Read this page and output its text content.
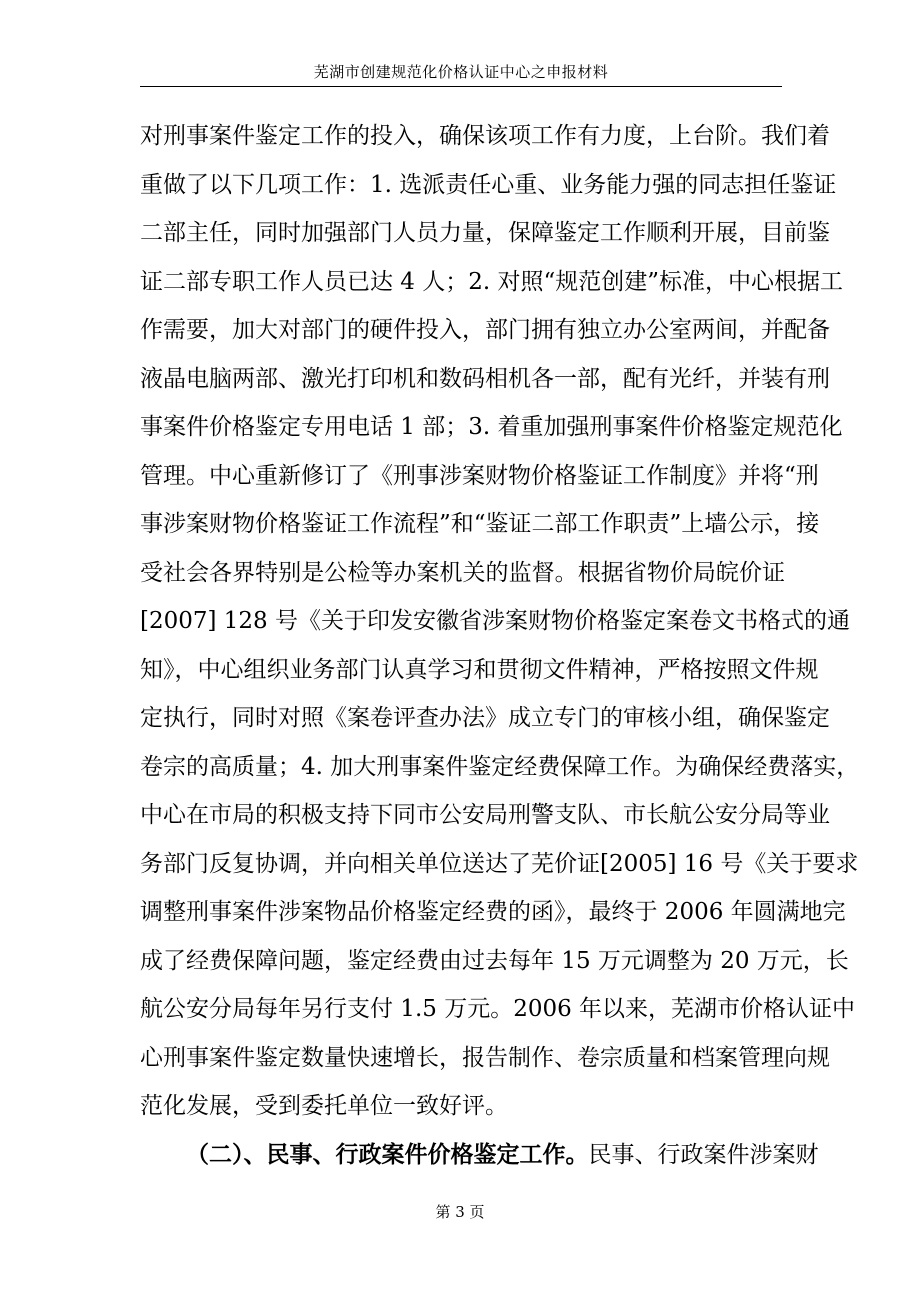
芜湖市创建规范化价格认证中心之申报材料
对刑事案件鉴定工作的投入，确保该项工作有力度，上台阶。我们着
重做了以下几项工作：1. 选派责任心重、业务能力强的同志担任鉴证
二部主任，同时加强部门人员力量，保障鉴定工作顺利开展，目前鉴
证二部专职工作人员已达 4 人；2. 对照“规范创建”标准，中心根据工
作需要，加大对部门的硬件投入，部门拥有独立办公室两间，并配备
液晶电脑两部、激光打印机和数码相机各一部，配有光纤，并装有刑
事案件价格鉴定专用电话 1 部；3. 着重加强刑事案件价格鉴定规范化
管理。中心重新修订了《刑事涉案财物价格鉴证工作制度》并将“刑
事涉案财物价格鉴证工作流程”和“鉴证二部工作职责”上墙公示，接
受社会各界特别是公检等办案机关的监督。根据省物价局皖价证
[2007] 128 号《关于印发安徽省涉案财物价格鉴定案卷文书格式的通
知》，中心组织业务部门认真学习和贯彻文件精神，严格按照文件规
定执行，同时对照《案卷评查办法》成立专门的审核小组，确保鉴定
卷宗的高质量；4. 加大刑事案件鉴定经费保障工作。为确保经费落实，
中心在市局的积极支持下同市公安局刑警支队、市长航公安分局等业
务部门反复协调，并向相关单位送达了芜价证[2005] 16 号《关于要求
调整刑事案件涉案物品价格鉴定经费的函》，最终于 2006 年圆满地完
成了经费保障问题，鉴定经费由过去每年 15 万元调整为 20 万元，长
航公安分局每年另行支付 1.5 万元。2006 年以来，芜湖市价格认证中
心刑事案件鉴定数量快速增长，报告制作、卷宗质量和档案管理向规
范化发展，受到委托单位一致好评。
（二）、民事、行政案件价格鉴定工作。民事、行政案件涉案财
第 3 页
